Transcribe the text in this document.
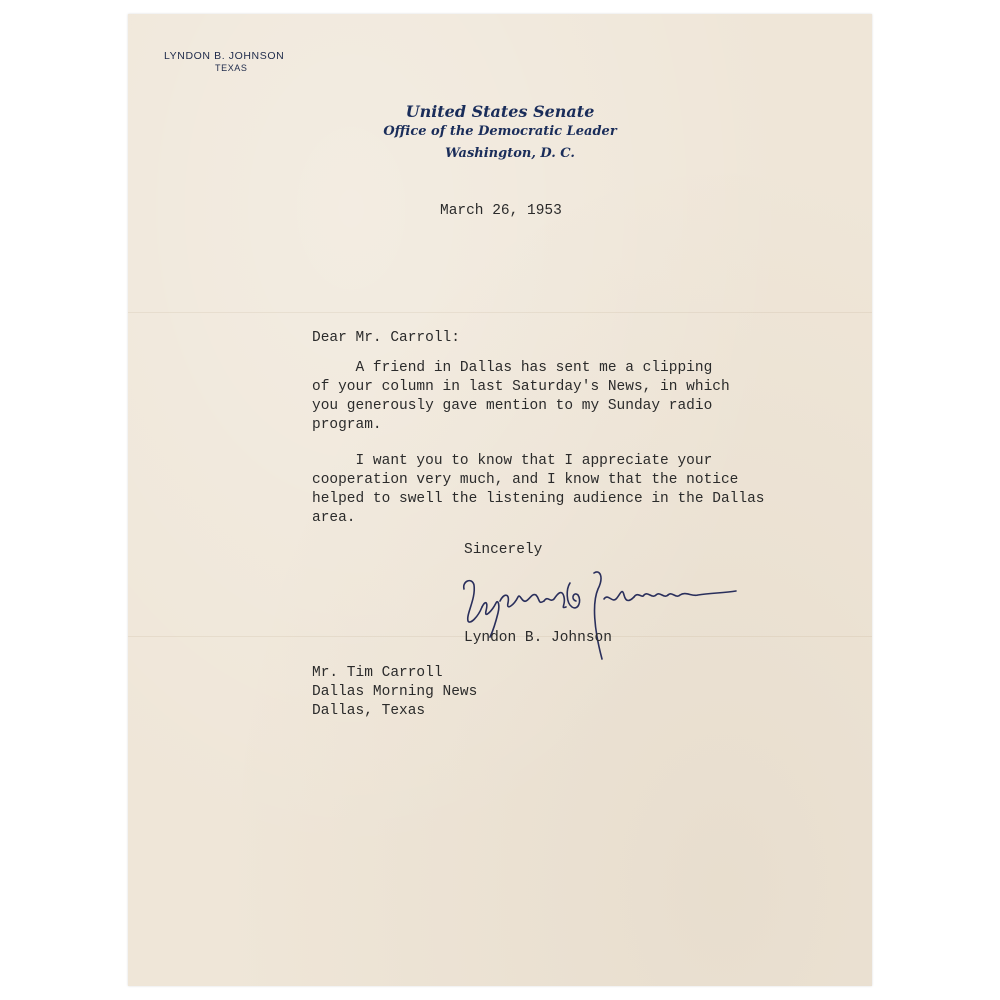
LYNDON B. JOHNSON
TEXAS
United States Senate
Office of the Democratic Leader
Washington, D. C.
March 26, 1953
Dear Mr. Carroll:
A friend in Dallas has sent me a clipping
of your column in last Saturday's News, in which
you generously gave mention to my Sunday radio
program.
I want you to know that I appreciate your
cooperation very much, and I know that the notice
helped to swell the listening audience in the Dallas
area.
Sincerely
Lyndon B. Johnson
Mr. Tim Carroll
Dallas Morning News
Dallas, Texas
